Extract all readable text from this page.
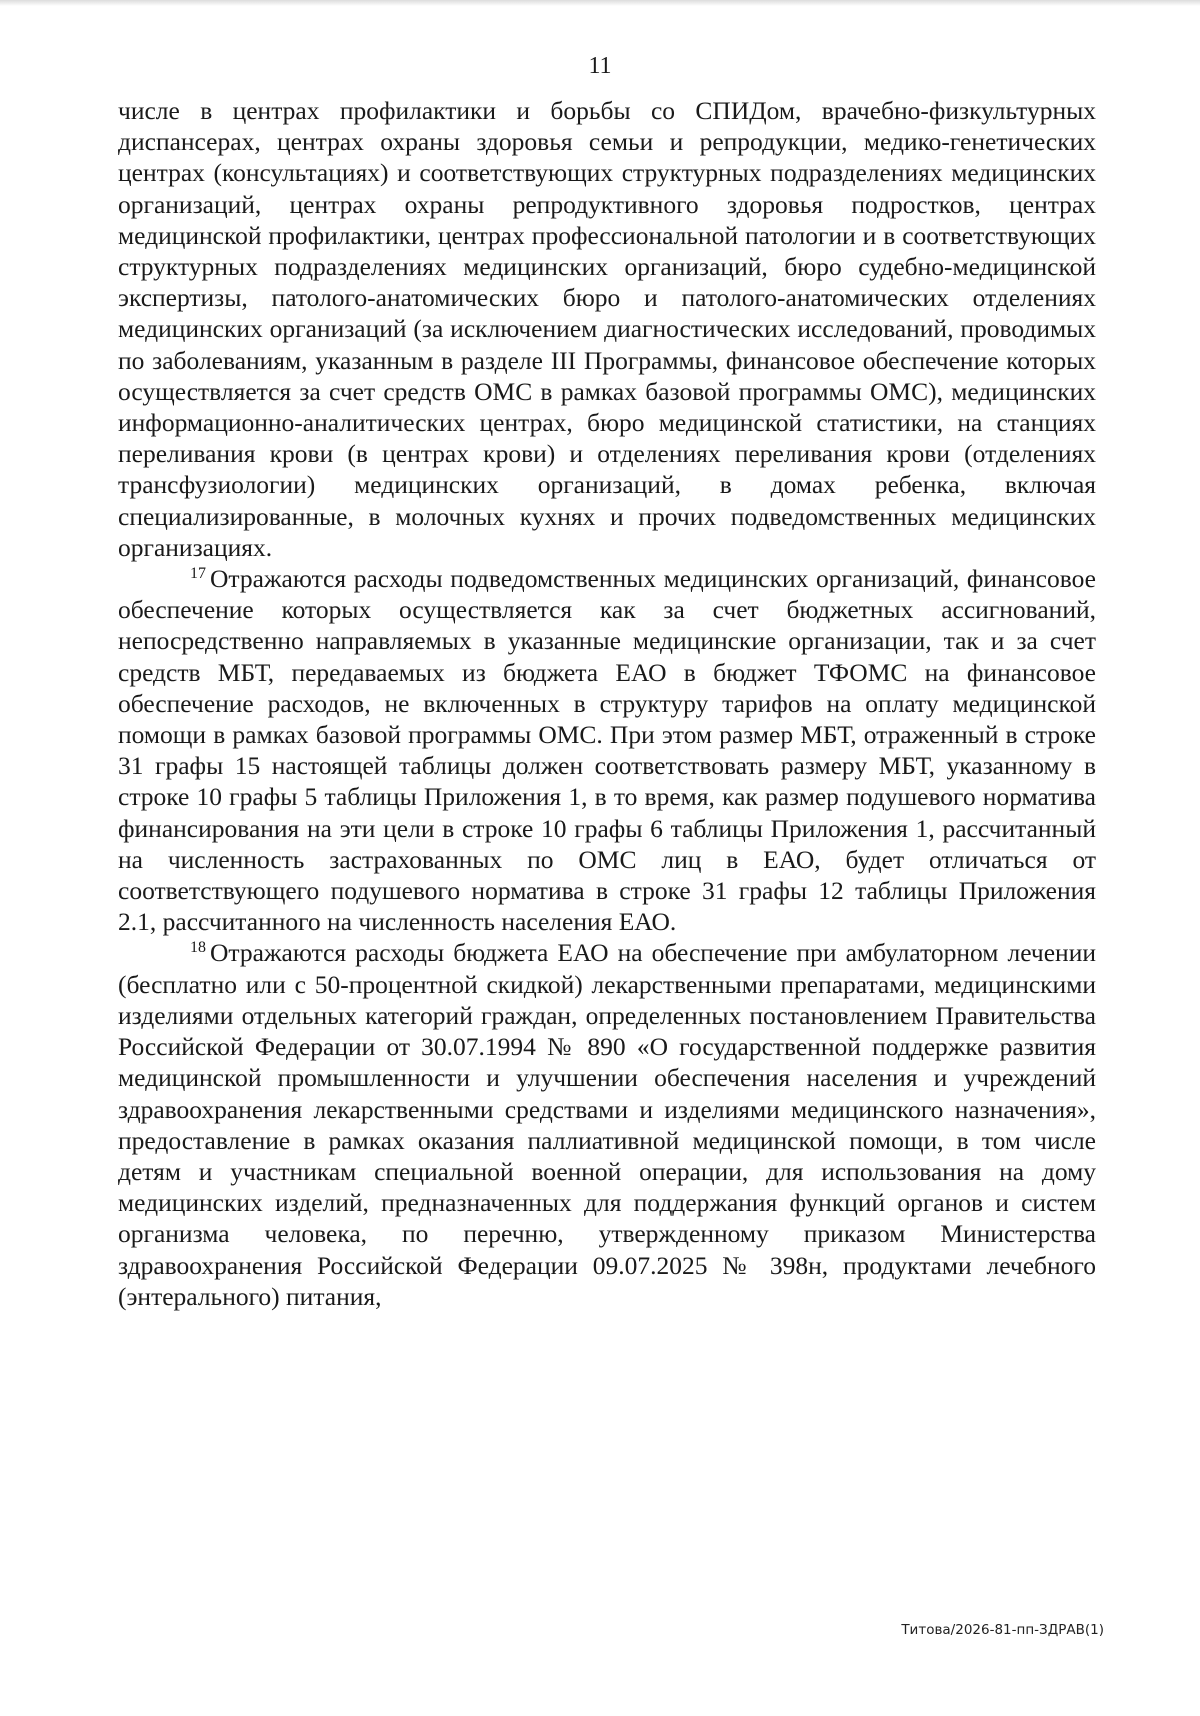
11

числе в центрах профилактики и борьбы со СПИДом, врачебно-физкультурных диспансерах, центрах охраны здоровья семьи и репродукции, медико-генетических центрах (консультациях) и соответствующих структурных подразделениях медицинских организаций, центрах охраны репродуктивного здоровья подростков, центрах медицинской профилактики, центрах профессиональной патологии и в соответствующих структурных подразделениях медицинских организаций, бюро судебно-медицинской экспертизы, патолого-анатомических бюро и патолого-анатомических отделениях медицинских организаций (за исключением диагностических исследований, проводимых по заболеваниям, указанным в разделе III Программы, финансовое обеспечение которых осуществляется за счет средств ОМС в рамках базовой программы ОМС), медицинских информационно-аналитических центрах, бюро медицинской статистики, на станциях переливания крови (в центрах крови) и отделениях переливания крови (отделениях трансфузиологии) медицинских организаций, в домах ребенка, включая специализированные, в молочных кухнях и прочих подведомственных медицинских организациях.

$^{17}$ Отражаются расходы подведомственных медицинских организаций, финансовое обеспечение которых осуществляется как за счет бюджетных ассигнований, непосредственно направляемых в указанные медицинские организации, так и за счет средств МБТ, передаваемых из бюджета ЕАО в бюджет ТФОМС на финансовое обеспечение расходов, не включенных в структуру тарифов на оплату медицинской помощи в рамках базовой программы ОМС. При этом размер МБТ, отраженный в строке 31 графы 15 настоящей таблицы должен соответствовать размеру МБТ, указанному в строке 10 графы 5 таблицы Приложения 1, в то время, как размер подушевого норматива финансирования на эти цели в строке 10 графы 6 таблицы Приложения 1, рассчитанный на численность застрахованных по ОМС лиц в ЕАО, будет отличаться от соответствующего подушевого норматива в строке 31 графы 12 таблицы Приложения 2.1, рассчитанного на численность населения ЕАО.

$^{18}$ Отражаются расходы бюджета ЕАО на обеспечение при амбулаторном лечении (бесплатно или с 50-процентной скидкой) лекарственными препаратами, медицинскими изделиями отдельных категорий граждан, определенных постановлением Правительства Российской Федерации от 30.07.1994 № 890 «О государственной поддержке развития медицинской промышленности и улучшении обеспечения населения и учреждений здравоохранения лекарственными средствами и изделиями медицинского назначения», предоставление в рамках оказания паллиативной медицинской помощи, в том числе детям и участникам специальной военной операции, для использования на дому медицинских изделий, предназначенных для поддержания функций органов и систем организма человека, по перечню, утвержденному приказом Министерства здравоохранения Российской Федерации 09.07.2025 № 398н, продуктами лечебного (энтерального) питания,

Титова/2026-81-пп-ЗДРАВ(1)
